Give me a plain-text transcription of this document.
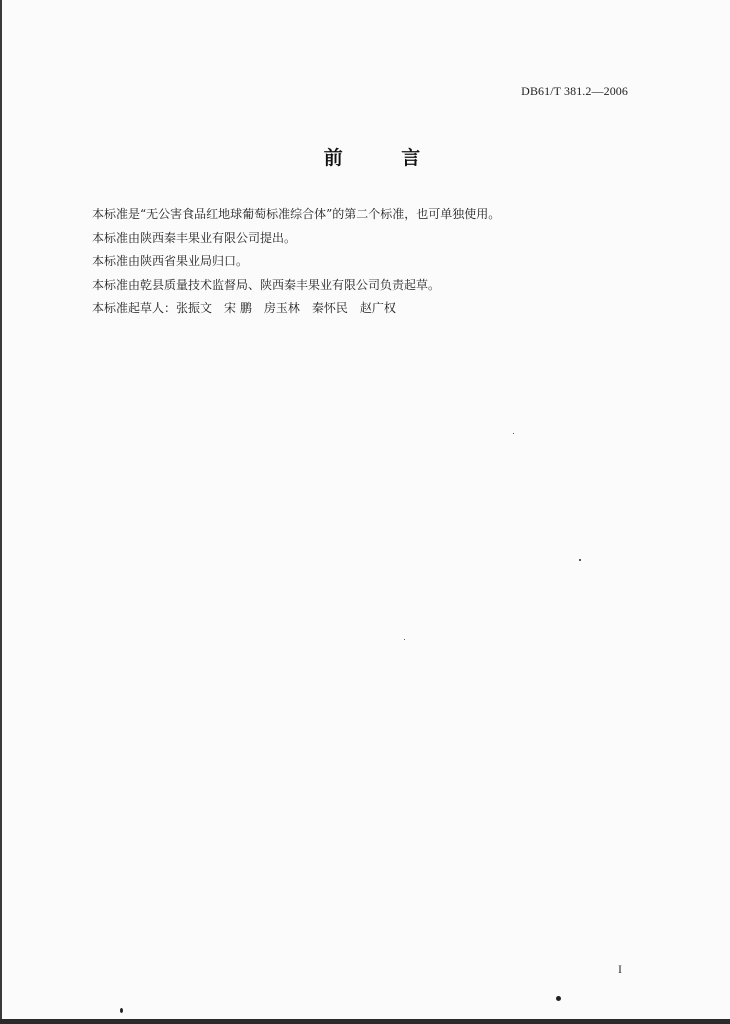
DB61/T 381.2—2006
前 言

本标准是“无公害食品红地球葡萄标准综合体”的第二个标准，也可单独使用。

本标准由陕西秦丰果业有限公司提出。

本标准由陕西省果业局归口。

本标准由乾县质量技术监督局、陕西秦丰果业有限公司负责起草。

本标准起草人：张振文 宋 鹏 房玉林 秦怀民 赵广权

I
